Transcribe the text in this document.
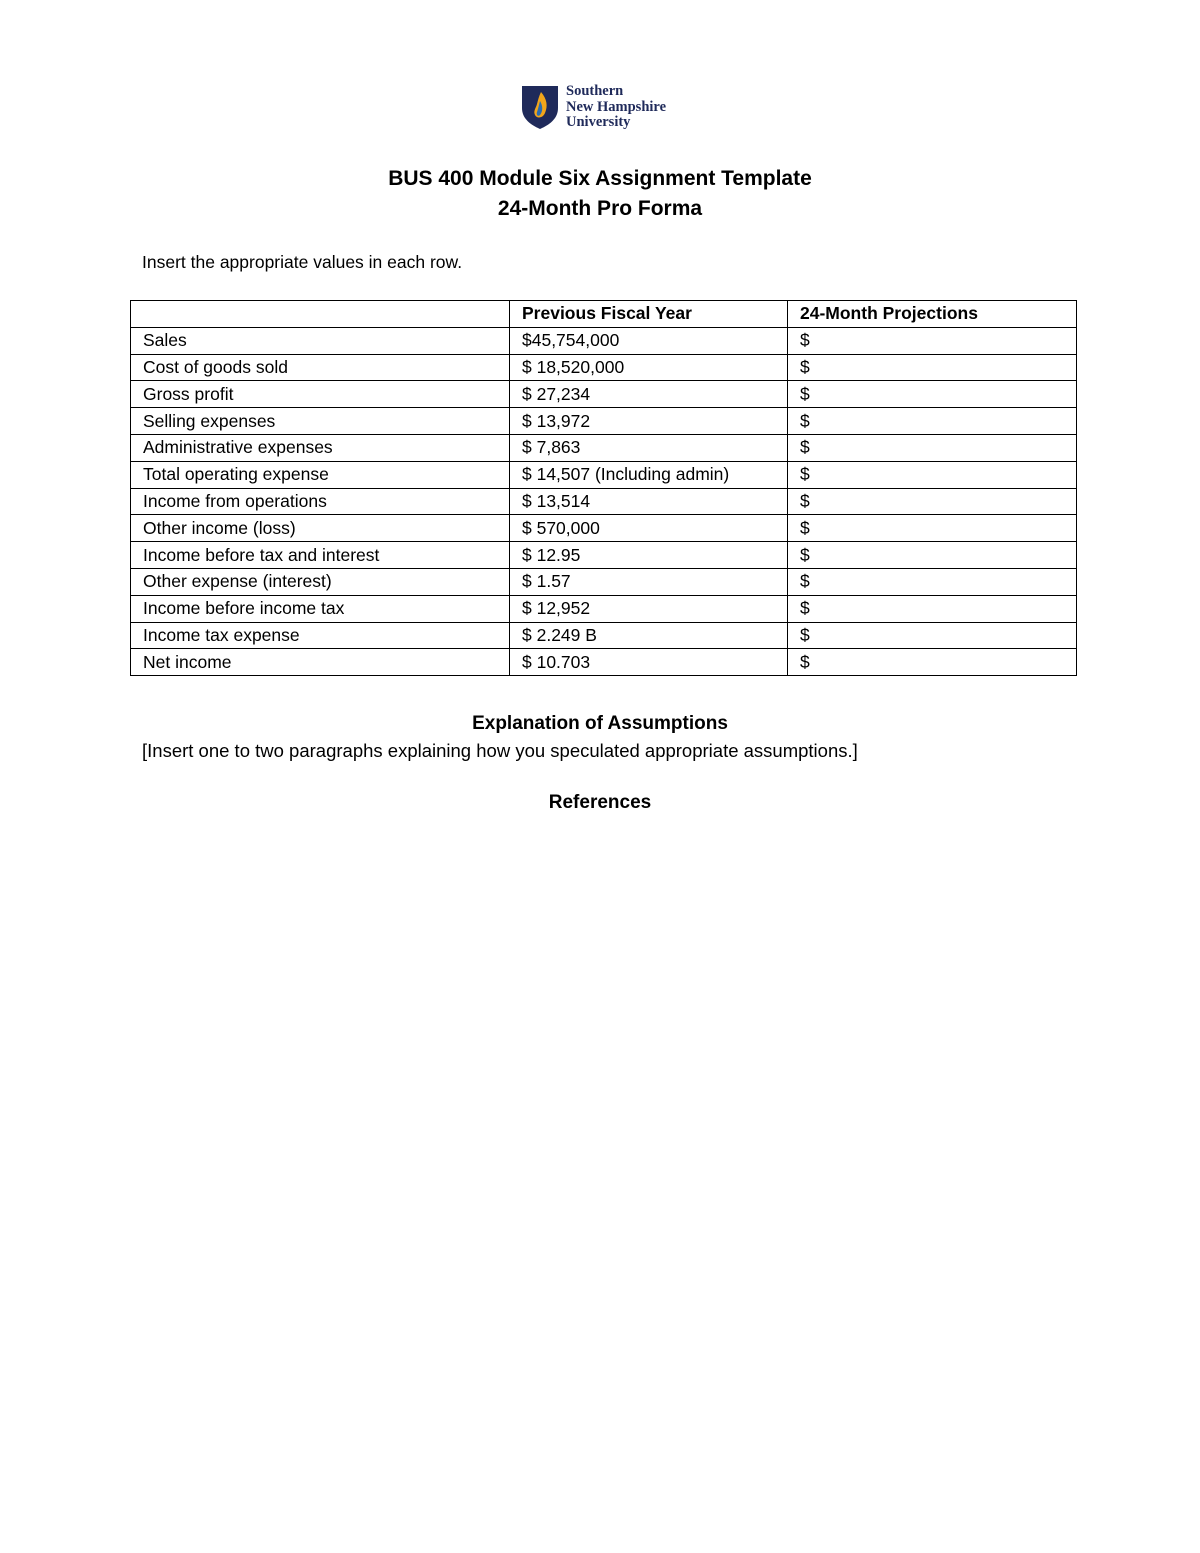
Southern
New Hampshire
University
BUS 400 Module Six Assignment Template
24-Month Pro Forma
Insert the appropriate values in each row.
	Previous Fiscal Year	24-Month Projections
Sales	$45,754,000	$
Cost of goods sold	$ 18,520,000	$
Gross profit	$ 27,234	$
Selling expenses	$ 13,972	$
Administrative expenses	$ 7,863	$
Total operating expense	$ 14,507 (Including admin)	$
Income from operations	$ 13,514	$
Other income (loss)	$ 570,000	$
Income before tax and interest	$ 12.95	$
Other expense (interest)	$ 1.57	$
Income before income tax	$ 12,952	$
Income tax expense	$ 2.249 B	$
Net income	$ 10.703	$
Explanation of Assumptions
[Insert one to two paragraphs explaining how you speculated appropriate assumptions.]
References
